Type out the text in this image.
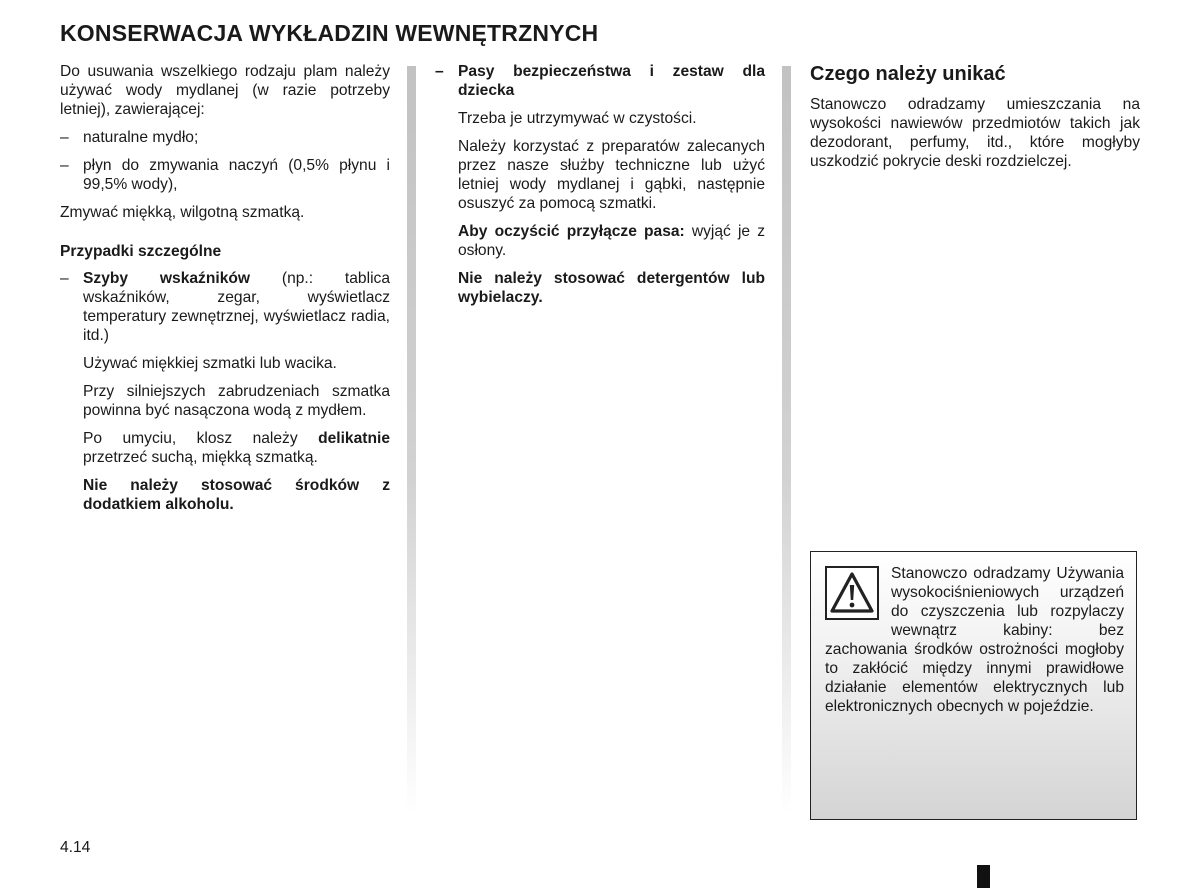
KONSERWACJA WYKŁADZIN WEWNĘTRZNYCH

Do usuwania wszelkiego rodzaju plam należy używać wody mydlanej (w razie potrzeby letniej), zawierającej:

– naturalne mydło;
– płyn do zmywania naczyń (0,5% płynu i 99,5% wody),

Zmywać miękką, wilgotną szmatką.

Przypadki szczególne
– Szyby wskaźników (np.: tablica wskaźników, zegar, wyświetlacz temperatury zewnętrznej, wyświetlacz radia, itd.)

Używać miękkiej szmatki lub wacika.

Przy silniejszych zabrudzeniach szmatka powinna być nasączona wodą z mydłem.

Po umyciu, klosz należy delikatnie przetrzeć suchą, miękką szmatką.

Nie należy stosować środków z dodatkiem alkoholu.

– Pasy bezpieczeństwa i zestaw dla dziecka

Trzeba je utrzymywać w czystości.

Należy korzystać z preparatów zalecanych przez nasze służby techniczne lub użyć letniej wody mydlanej i gąbki, następnie osuszyć za pomocą szmatki.

Aby oczyścić przyłącze pasa: wyjąć je z osłony.

Nie należy stosować detergentów lub wybielaczy.

Czego należy unikać

Stanowczo odradzamy umieszczania na wysokości nawiewów przedmiotów takich jak dezodorant, perfumy, itd., które mogłyby uszkodzić pokrycie deski rozdzielczej.

Stanowczo odradzamy Używania wysokociśnieniowych urządzeń do czyszczenia lub rozpylaczy wewnątrz kabiny: bez zachowania środków ostrożności mogłoby to zakłócić między innymi prawidłowe działanie elementów elektrycznych lub elektronicznych obecnych w pojeździe.

4.14
